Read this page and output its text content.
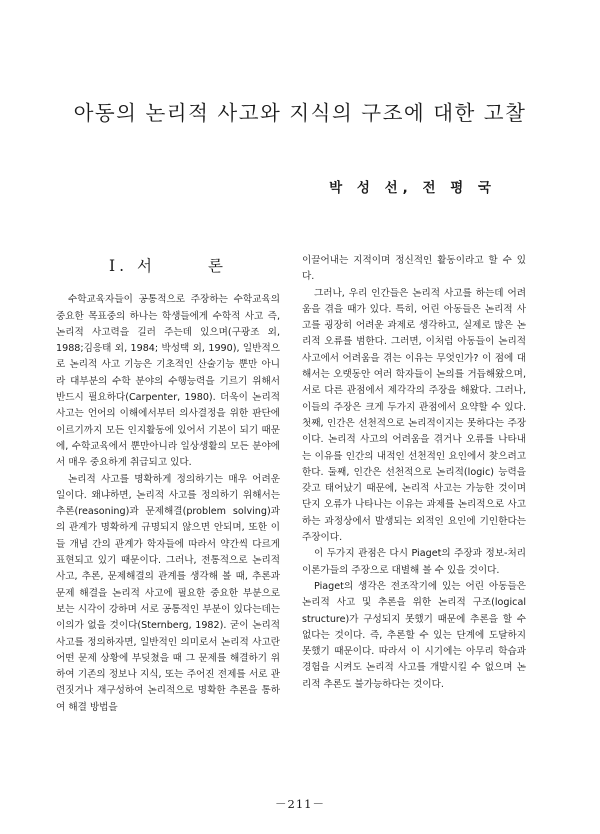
아동의 논리적 사고와 지식의 구조에 대한 고찰
박 성 선, 전 평 국
Ⅰ. 서	론

수학교육자들이 공통적으로 주장하는 수학교육의 중요한 목표중의 하나는 학생들에게 수학적 사고 즉, 논리적 사고력을 길러 주는데 있으며(구광조 외, 1988;김응태 외, 1984; 박성택 외, 1990), 일반적으로 논리적 사고 기능은 기초적인 산술기능 뿐만 아니라 대부분의 수학 분야의 수행능력을 기르기 위해서 반드시 필요하다(Carpenter, 1980). 더욱이 논리적 사고는 언어의 이해에서부터 의사결정을 위한 판단에 이르기까지 모든 인지활동에 있어서 기본이 되기 때문에, 수학교육에서 뿐만아니라 일상생활의 모든 분야에서 매우 중요하게 취급되고 있다.

논리적 사고를 명확하게 정의하기는 매우 어려운 일이다. 왜냐하면, 논리적 사고를 정의하기 위해서는 추론(reasoning)과 문제해결(problem solving)과의 관계가 명확하게 규명되지 않으면 안되며, 또한 이들 개념 간의 관계가 학자들에 따라서 약간씩 다르게 표현되고 있기 때문이다. 그러나, 전통적으로 논리적 사고, 추론, 문제해결의 관계를 생각해 볼 때, 추론과 문제 해결을 논리적 사고에 필요한 중요한 부분으로 보는 시각이 강하며 서로 공통적인 부분이 있다는데는 이의가 없을 것이다(Sternberg, 1982). 굳이 논리적 사고를 정의하자면, 일반적인 의미로서 논리적 사고란 어떤 문제 상황에 부딪쳤을 때 그 문제를 해결하기 위하여 기존의 정보나 지식, 또는 주어진 전제를 서로 관련짓거나 재구성하여 논리적으로 명확한 추론을 통하여 해결 방법을

이끌어내는 지적이며 정신적인 활동이라고 할 수 있다.

그러나, 우리 인간들은 논리적 사고를 하는데 어려움을 겪을 때가 있다. 특히, 어린 아동들은 논리적 사고를 굉장히 어려운 과제로 생각하고, 실제로 많은 논리적 오류를 범한다. 그러면, 이처럼 아동들이 논리적 사고에서 어려움을 겪는 이유는 무엇인가? 이 점에 대해서는 오랫동안 여러 학자들이 논의를 거듭해왔으며, 서로 다른 관점에서 제각각의 주장을 해왔다. 그러나, 이들의 주장은 크게 두가지 관점에서 요약할 수 있다. 첫째, 인간은 선천적으로 논리적이지는 못하다는 주장이다. 논리적 사고의 어려움을 겪거나 오류를 나타내는 이유를 인간의 내적인 선천적인 요인에서 찾으려고 한다. 둘째, 인간은 선천적으로 논리적(logic) 능력을 갖고 태어났기 때문에, 논리적 사고는 가능한 것이며 단지 오류가 나타나는 이유는 과제를 논리적으로 사고하는 과정상에서 발생되는 외적인 요인에 기인한다는 주장이다.

이 두가지 관점은 다시 Piaget의 주장과 정보-처리 이론가들의 주장으로 대별해 볼 수 있을 것이다.

Piaget의 생각은 전조작기에 있는 어린 아동들은 논리적 사고 및 추론을 위한 논리적 구조(logical structure)가 구성되지 못했기 때문에 추론을 할 수 없다는 것이다. 즉, 추론할 수 있는 단계에 도달하지 못했기 때문이다. 따라서 이 시기에는 아무리 학습과 경험을 시켜도 논리적 사고를 개발시킬 수 없으며 논리적 추론도 불가능하다는 것이다.

－211－
